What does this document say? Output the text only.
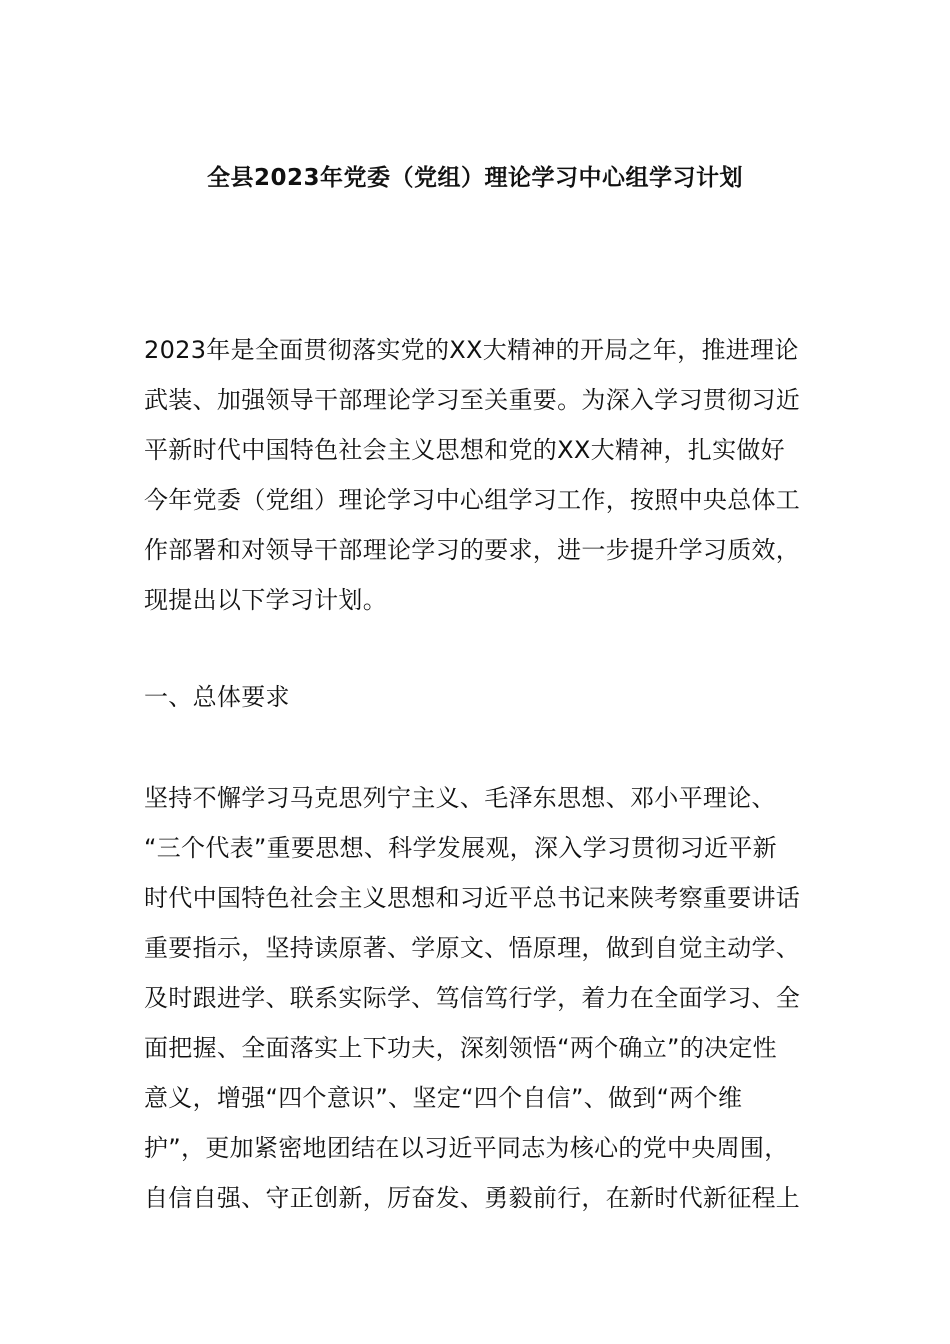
全县2023年党委（党组）理论学习中心组学习计划
2023年是全面贯彻落实党的XX大精神的开局之年，推进理论
武装、加强领导干部理论学习至关重要。为深入学习贯彻习近
平新时代中国特色社会主义思想和党的XX大精神，扎实做好
今年党委（党组）理论学习中心组学习工作，按照中央总体工
作部署和对领导干部理论学习的要求，进一步提升学习质效，
现提出以下学习计划。
一、总体要求
坚持不懈学习马克思列宁主义、毛泽东思想、邓小平理论、
“三个代表”重要思想、科学发展观，深入学习贯彻习近平新
时代中国特色社会主义思想和习近平总书记来陕考察重要讲话
重要指示，坚持读原著、学原文、悟原理，做到自觉主动学、
及时跟进学、联系实际学、笃信笃行学，着力在全面学习、全
面把握、全面落实上下功夫，深刻领悟“两个确立”的决定性
意义，增强“四个意识”、坚定“四个自信”、做到“两个维
护”，更加紧密地团结在以习近平同志为核心的党中央周围，
自信自强、守正创新，厉奋发、勇毅前行，在新时代新征程上
